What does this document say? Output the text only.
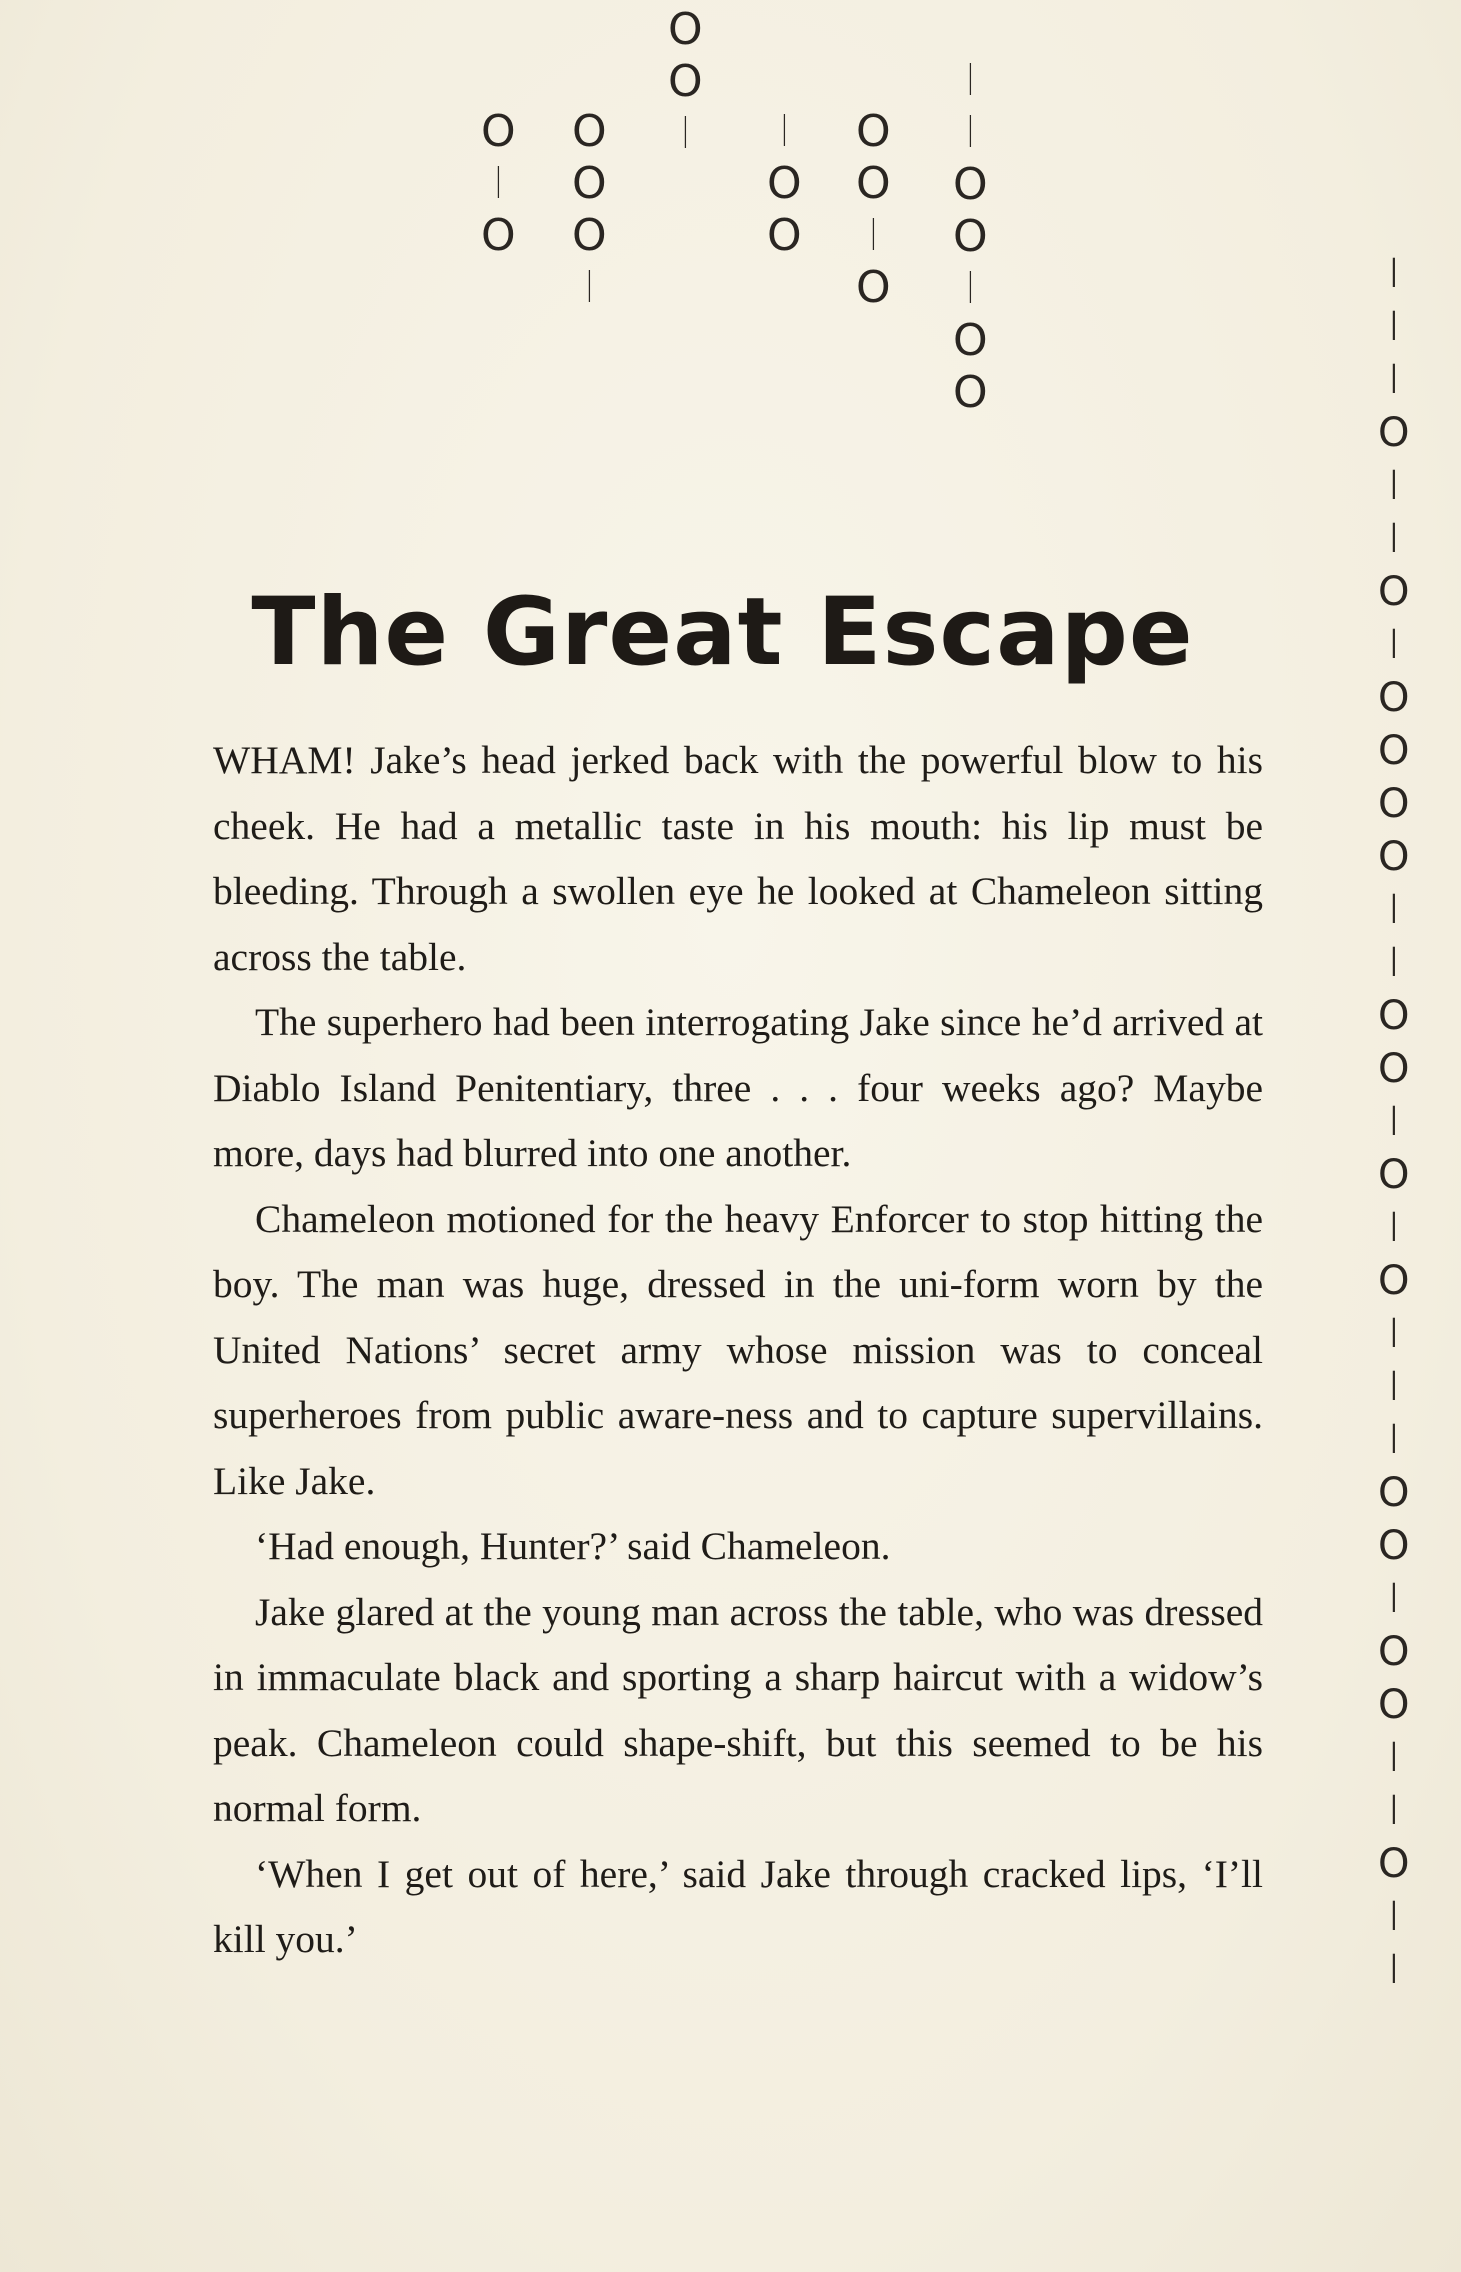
O
I
O
O
O
O
I
O
O
I I
O
O
O
O
I
O
I
I
O
O
I
O
O
I
I
I
O
I
I
O
I
O
O
O
O
I
I
O
O
I
O
I
O
I
I
I
O
O
I
O
O
I
I
O
I
I
The Great Escape

WHAM! Jake’s head jerked back with the powerful blow to his cheek. He had a metallic taste in his mouth: his lip must be bleeding. Through a swollen eye he looked at Chameleon sitting across the table.

The superhero had been interrogating Jake since he’d arrived at Diablo Island Penitentiary, three . . . four weeks ago? Maybe more, days had blurred into one another.

Chameleon motioned for the heavy Enforcer to stop hitting the boy. The man was huge, dressed in the uni-form worn by the United Nations’ secret army whose mission was to conceal superheroes from public aware-ness and to capture supervillains. Like Jake.

‘Had enough, Hunter?’ said Chameleon.

Jake glared at the young man across the table, who was dressed in immaculate black and sporting a sharp haircut with a widow’s peak. Chameleon could shape-shift, but this seemed to be his normal form.

‘When I get out of here,’ said Jake through cracked lips, ‘I’ll kill you.’
